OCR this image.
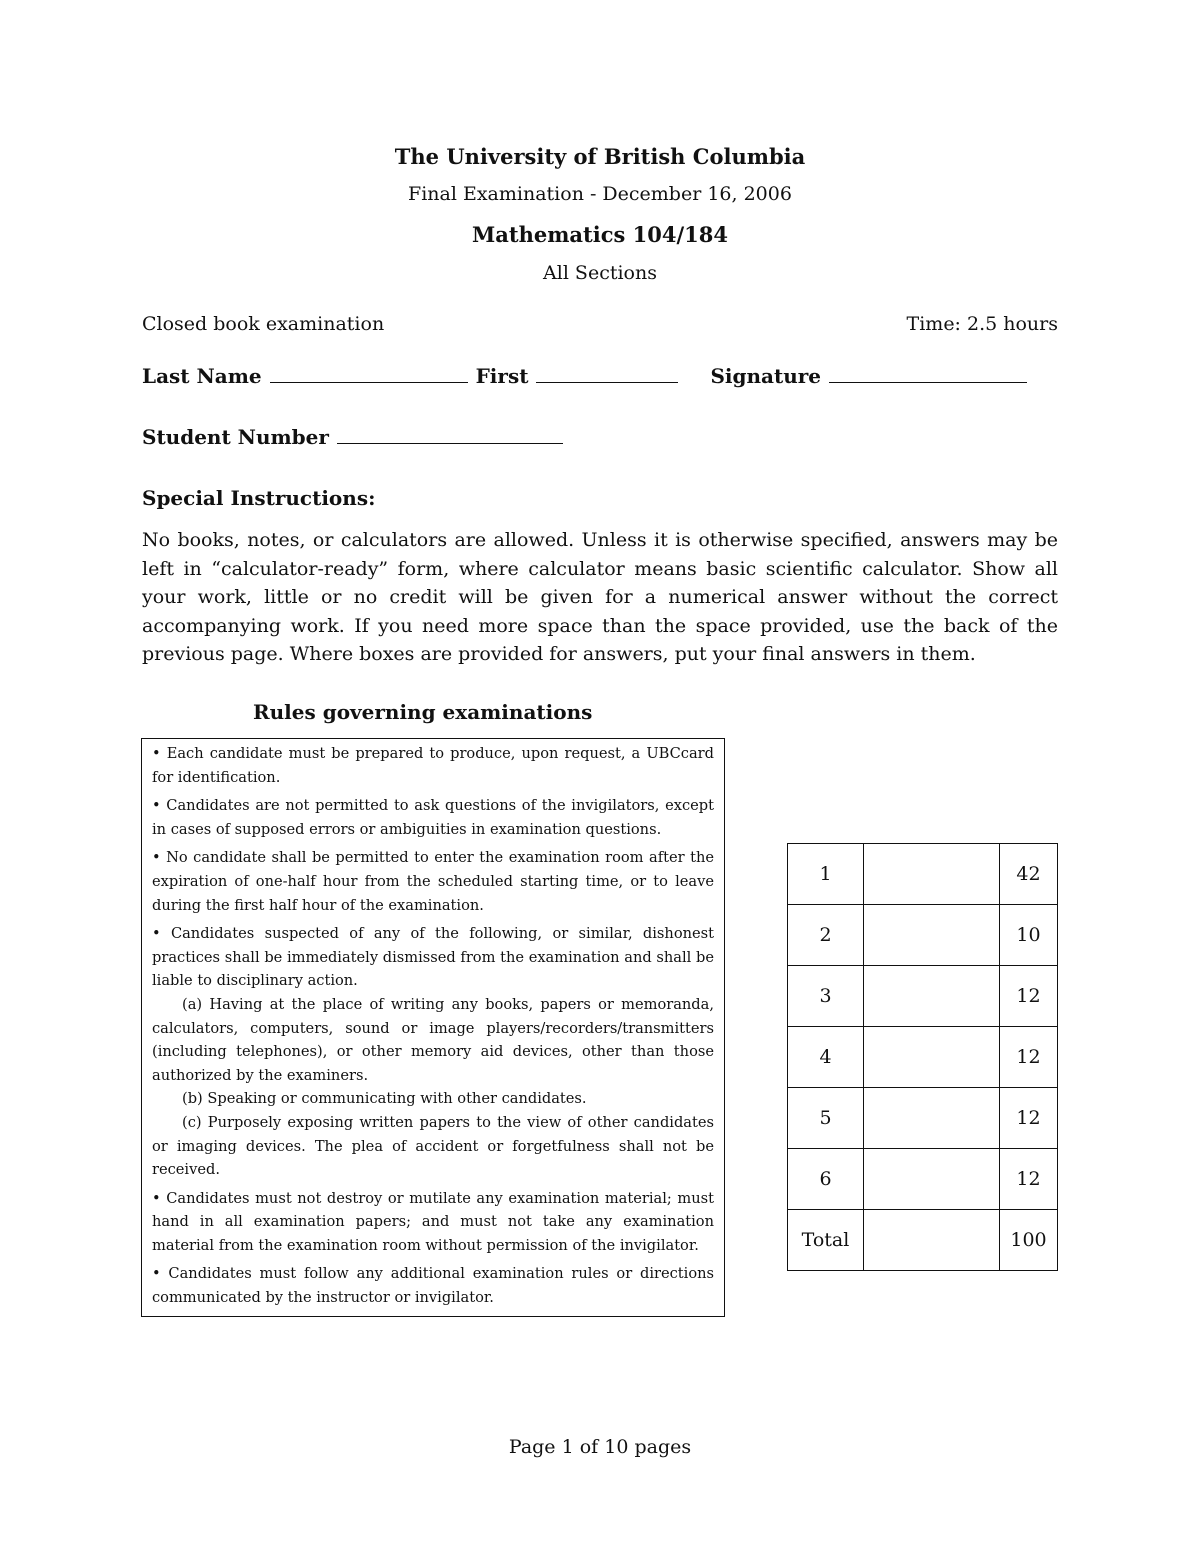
The University of British Columbia
Final Examination - December 16, 2006
Mathematics 104/184
All Sections
Closed book examination	Time: 2.5 hours
Last Name	First	Signature
Student Number
Special Instructions:
No books, notes, or calculators are allowed. Unless it is otherwise specified, answers may be left in “calculator-ready” form, where calculator means basic scientific calculator. Show all your work, little or no credit will be given for a numerical answer without the correct accompanying work. If you need more space than the space provided, use the back of the previous page. Where boxes are provided for answers, put your final answers in them.
Rules governing examinations

• Each candidate must be prepared to produce, upon request, a UBCcard for identification.

• Candidates are not permitted to ask questions of the invigilators, except in cases of supposed errors or ambiguities in examination questions.

• No candidate shall be permitted to enter the examination room after the expiration of one-half hour from the scheduled starting time, or to leave during the first half hour of the examination.

• Candidates suspected of any of the following, or similar, dishonest practices shall be immediately dismissed from the examination and shall be liable to disciplinary action.

(a) Having at the place of writing any books, papers or memoranda, calculators, computers, sound or image players/recorders/transmitters (including telephones), or other memory aid devices, other than those authorized by the examiners.

(b) Speaking or communicating with other candidates.

(c) Purposely exposing written papers to the view of other candidates or imaging devices. The plea of accident or forgetfulness shall not be received.

• Candidates must not destroy or mutilate any examination material; must hand in all examination papers; and must not take any examination material from the examination room without permission of the invigilator.

• Candidates must follow any additional examination rules or directions communicated by the instructor or invigilator.

1		42
2		10
3		12
4		12
5		12
6		12
Total		100
Page 1 of 10 pages
